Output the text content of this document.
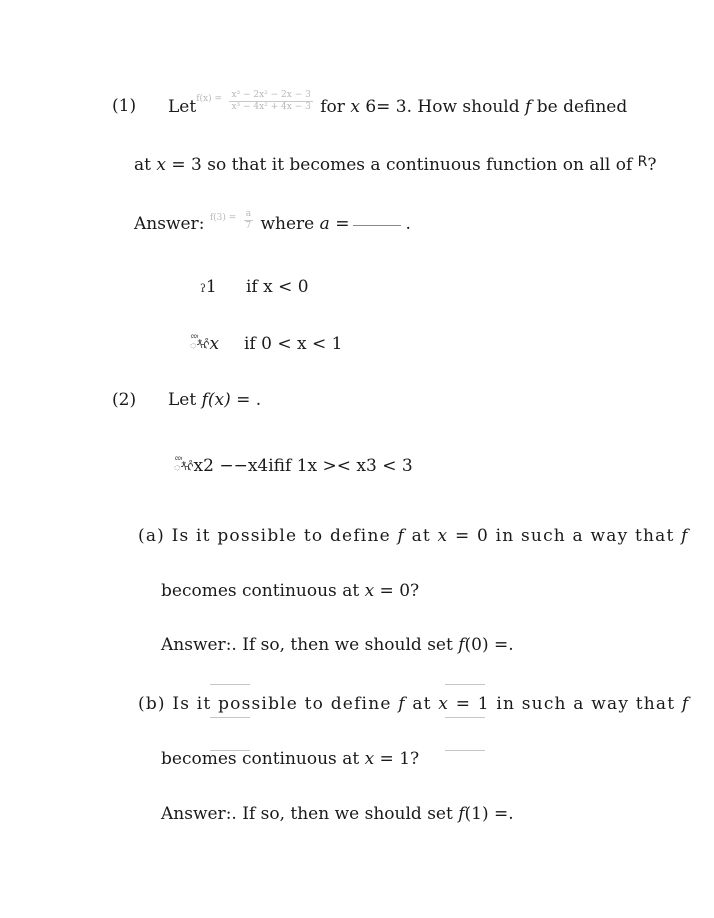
(1) $Let^{f(x) =} \frac{\text{x³ − 2x² − 2x − 3}}{\text{x³ − 4x² + 4x − 3}}$ for x 6= 3. How should f be defined
at x = 3 so that it becomes a continuous function on all of $^R$?
Answer: $^{f(3) =} \frac{a}{7}$ where a =	.
ʔ1 if x < 0
ᢅᡮᡭx if 0 < x < 1
(2) Let f(x) = .
ᢅᡮᡭx2 −−x4ifif 1x >< x3 < 3
(a) Is it possible to define f at x = 0 in such a way that f
becomes continuous at x = 0?
Answer:. If so, then we should set f(0) =.
(b) Is it possible to define f at x = 1 in such a way that f
becomes continuous at x = 1?
Answer:. If so, then we should set f(1) =.
